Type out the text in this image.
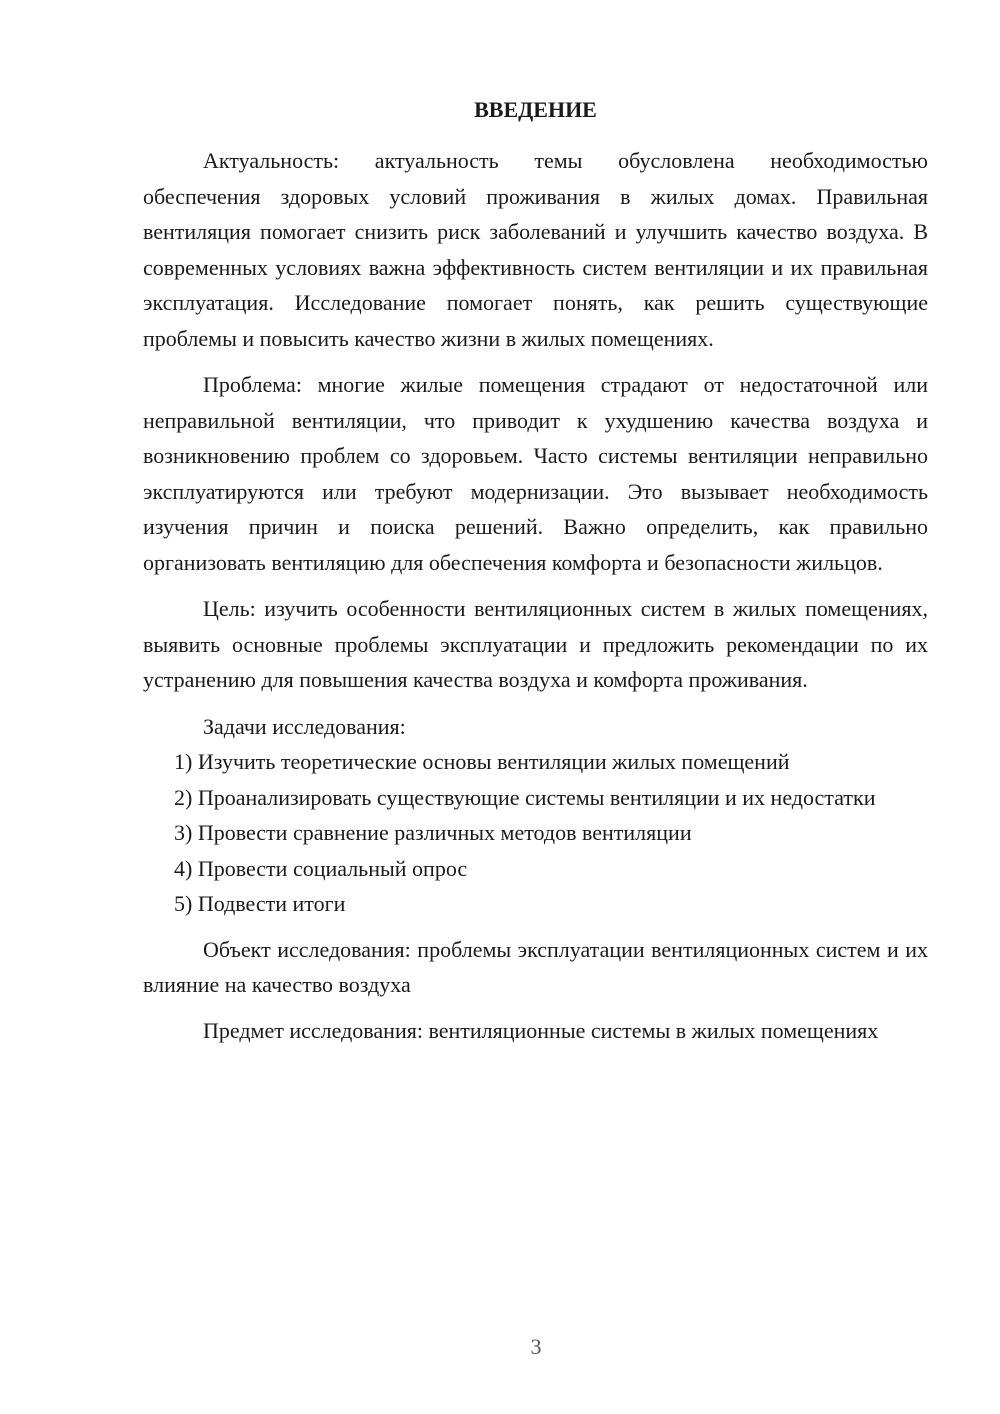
ВВЕДЕНИЕ

Актуальность: актуальность темы обусловлена необходимостью обеспечения здоровых условий проживания в жилых домах. Правильная вентиляция помогает снизить риск заболеваний и улучшить качество воздуха. В современных условиях важна эффективность систем вентиляции и их правильная эксплуатация. Исследование помогает понять, как решить существующие проблемы и повысить качество жизни в жилых помещениях.

Проблема: многие жилые помещения страдают от недостаточной или неправильной вентиляции, что приводит к ухудшению качества воздуха и возникновению проблем со здоровьем. Часто системы вентиляции неправильно эксплуатируются или требуют модернизации. Это вызывает необходимость изучения причин и поиска решений. Важно определить, как правильно организовать вентиляцию для обеспечения комфорта и безопасности жильцов.

Цель: изучить особенности вентиляционных систем в жилых помещениях, выявить основные проблемы эксплуатации и предложить рекомендации по их устранению для повышения качества воздуха и комфорта проживания.

Задачи исследования:

1) Изучить теоретические основы вентиляции жилых помещений

2) Проанализировать существующие системы вентиляции и их недостатки

3) Провести сравнение различных методов вентиляции

4) Провести социальный опрос

5) Подвести итоги

Объект исследования: проблемы эксплуатации вентиляционных систем и их влияние на качество воздуха

Предмет исследования: вентиляционные системы в жилых помещениях

3
